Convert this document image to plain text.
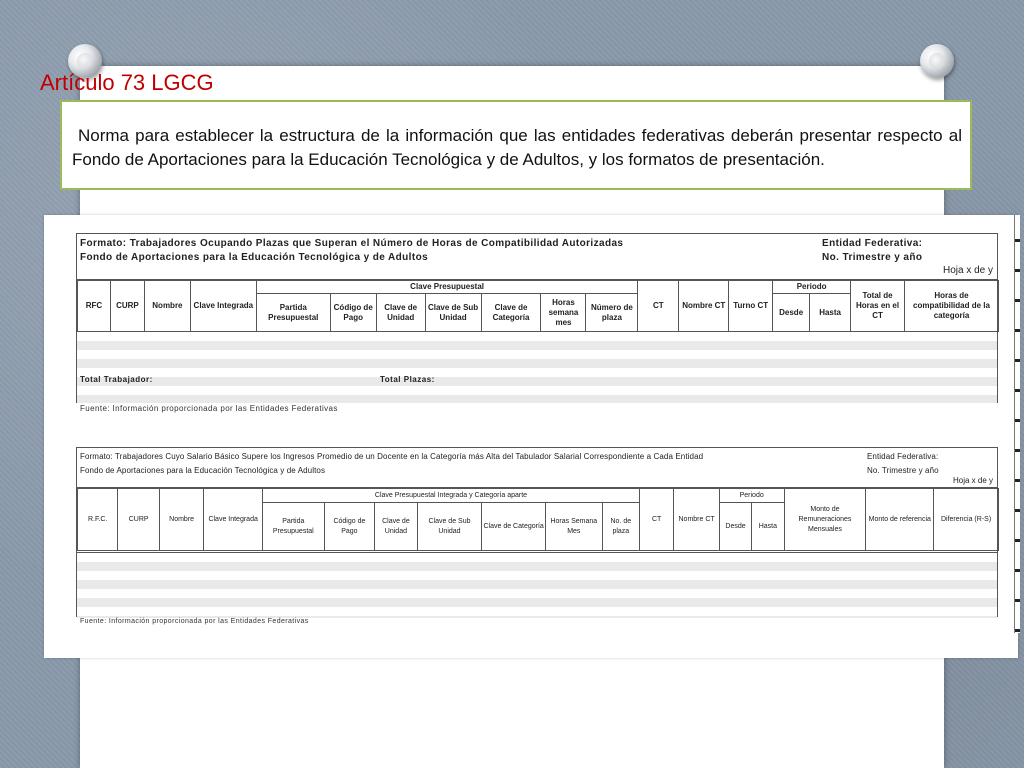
Artículo 73 LGCG
Norma para establecer la estructura de la información que las entidades federativas deberán presentar respecto al Fondo de Aportaciones para la Educación Tecnológica y de Adultos, y los formatos de presentación.
Formato: Trabajadores Ocupando Plazas que Superan el Número de Horas de Compatibilidad Autorizadas
Fondo de Aportaciones para la Educación Tecnológica y de Adultos
Entidad Federativa:
No. Trimestre y año
Hoja x de y
RFC	CURP	Nombre	Clave Integrada	Clave Presupuestal							CT	Nombre CT	Turno CT	Periodo		Total de Horas en el CT	Horas de compatibilidad de la categoría
				Partida Presupuestal	Código de Pago	Clave de Unidad	Clave de Sub Unidad	Clave de Categoría	Horas semana mes	Número de plaza				Desde	Hasta		
Total Trabajador:	Total Plazas:
Fuente: Información proporcionada por las Entidades Federativas
Formato: Trabajadores Cuyo Salario Básico Supere los Ingresos Promedio de un Docente en la Categoría más Alta del Tabulador Salarial Correspondiente a Cada Entidad
Fondo de Aportaciones para la Educación Tecnológica y de Adultos
Entidad Federativa:
No. Trimestre y año
Hoja x de y
R.F.C.	CURP	Nombre	Clave Integrada	Clave Presupuestal Integrada y Categoría aparte							CT	Nombre CT	Periodo		Monto de Remuneraciones Mensuales	Monto de referencia	Diferencia (R-S)
				Partida Presupuestal	Código de Pago	Clave de Unidad	Clave de Sub Unidad	Clave de Categoría	Horas Semana Mes	No. de plaza			Desde	Hasta			
Fuente: Información proporcionada por las Entidades Federativas
